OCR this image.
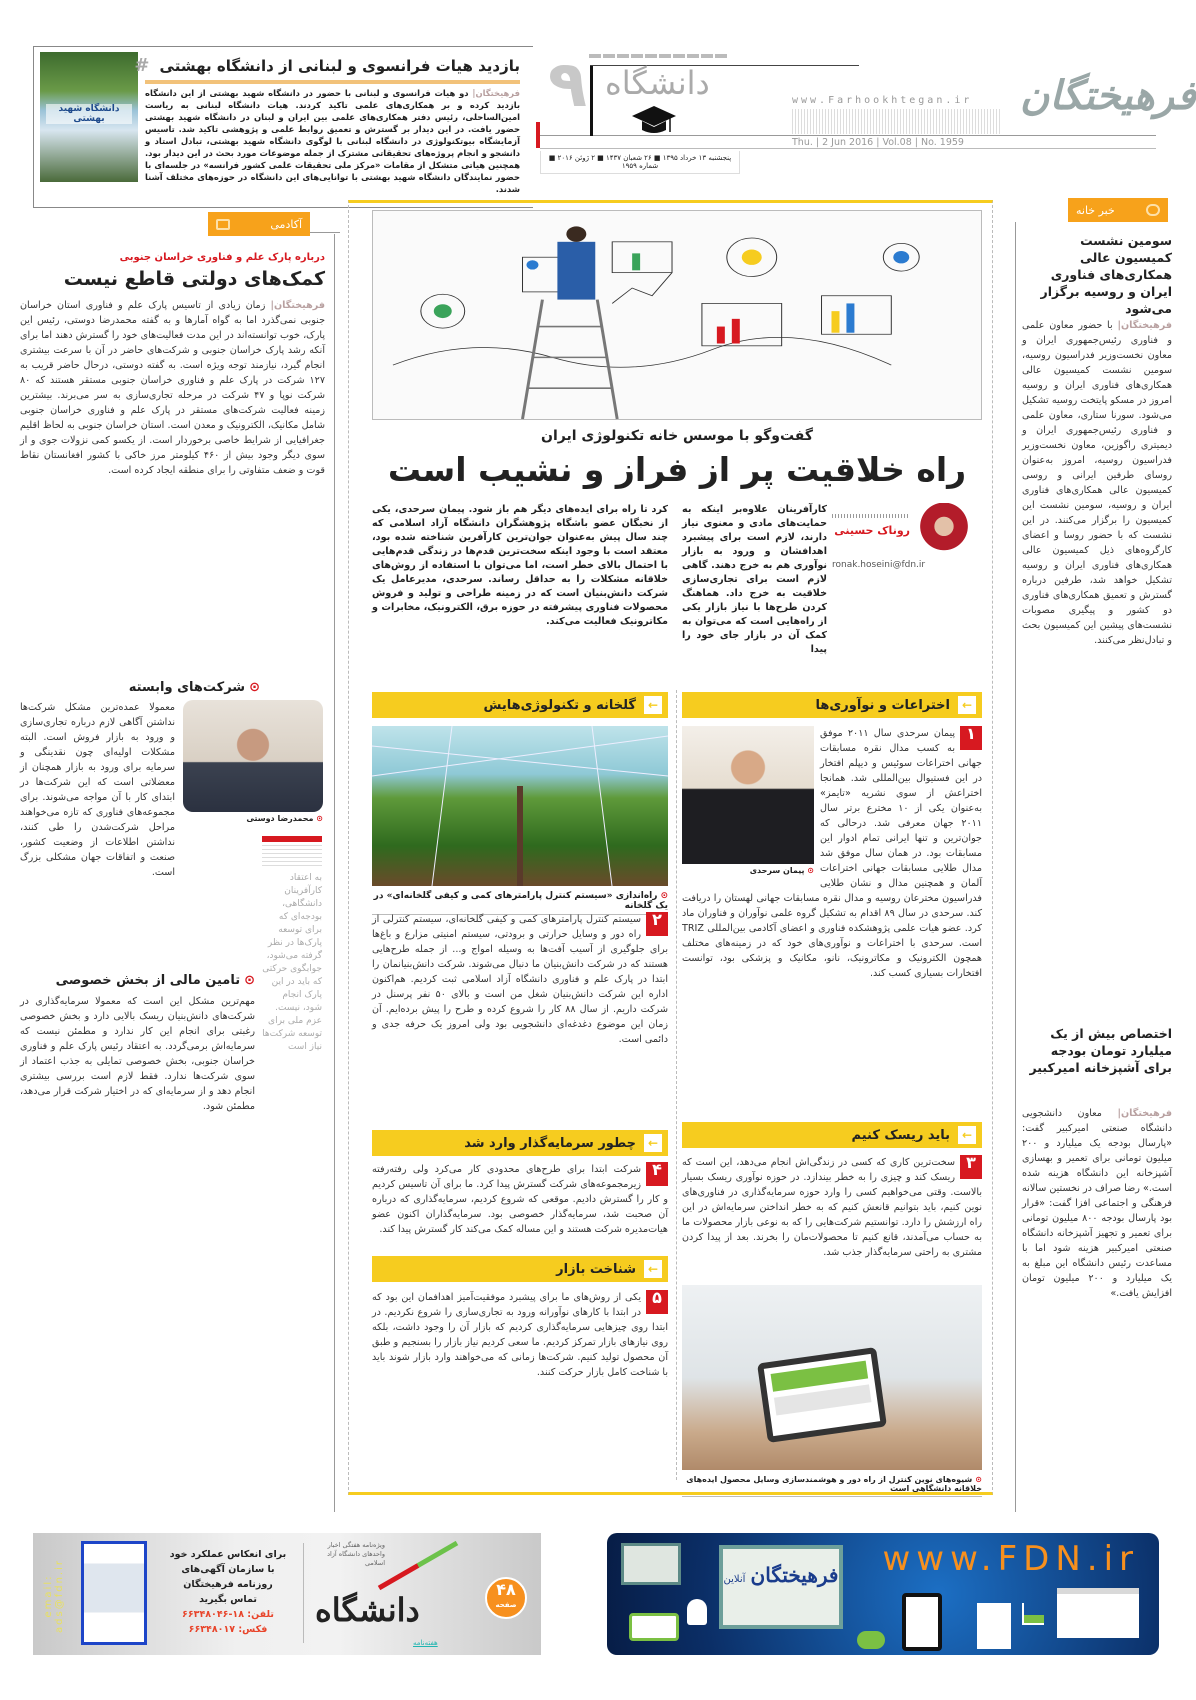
دانشگاه شهید بهشتی
بازدید هیات فرانسوی و لبنانی از دانشگاه بهشتی
#
فرهیختگان| دو هیات فرانسوی و لبنانی با حضور در دانشگاه شهید بهشتی از این دانشگاه بازدید کرده و بر همکاری‌های علمی تاکید کردند. هیات دانشگاه لبنانی به ریاست امین‌الساحلی، رئیس دفتر همکاری‌های علمی بین ایران و لبنان در دانشگاه شهید بهشتی حضور یافت. در این دیدار بر گسترش و تعمیق روابط علمی و پژوهشی تاکید شد. تاسیس آزمایشگاه بیوتکنولوژی در دانشگاه لبنانی با لوگوی دانشگاه شهید بهشتی، تبادل استاد و دانشجو و انجام پروژه‌های تحقیقاتی مشترک از جمله موضوعات مورد بحث در این دیدار بود. همچنین هیاتی متشکل از مقامات «مرکز ملی تحقیقات علمی کشور فرانسه» در جلسه‌ای با حضور نمایندگان دانشگاه شهید بهشتی با توانایی‌های این دانشگاه در حوزه‌های مختلف آشنا شدند.
۹ دانشگاه	www.Farhookhtegan.ir
Thu. | 2 Jun 2016 | Vol.08 | No. 1959
پنجشنبه ۱۳ خرداد ۱۳۹۵ ■ ۲۶ شعبان ۱۴۳۷ ■ ۲ ژوئن ۲۰۱۶ ■ شماره ۱۹۵۹
فرهیختگان
آکادمی
درباره پارک علم و فناوری خراسان جنوبی
کمک‌های دولتی قاطع نیست
فرهیختگان| زمان زیادی از تاسیس پارک علم و فناوری استان خراسان جنوبی نمی‌گذرد اما به گواه آمارها و به گفته محمدرضا دوستی، رئیس این پارک، خوب توانسته‌اند در این مدت فعالیت‌های خود را گسترش دهند اما برای آنکه رشد پارک خراسان جنوبی و شرکت‌های حاضر در آن با سرعت بیشتری انجام گیرد، نیازمند توجه ویژه است. به گفته دوستی، درحال حاضر قریب به ۱۲۷ شرکت در پارک علم و فناوری خراسان جنوبی مستقر هستند که ۸۰ شرکت نوپا و ۴۷ شرکت در مرحله تجاری‌سازی به سر می‌برند. بیشترین زمینه فعالیت شرکت‌های مستقر در پارک علم و فناوری خراسان جنوبی شامل مکانیک، الکترونیک و معدن است. استان خراسان جنوبی به لحاظ اقلیم جغرافیایی از شرایط خاصی برخوردار است. از یکسو کمی نزولات جوی و از سوی دیگر وجود بیش از ۴۶۰ کیلومتر مرز خاکی با کشور افغانستان نقاط قوت و ضعف متفاوتی را برای منطقه ایجاد کرده است.
⊙شرکت‌های وابسته
⊙ محمدرضا دوستی
معمولا عمده‌ترین مشکل شرکت‌ها نداشتن آگاهی لازم درباره تجاری‌سازی و ورود به بازار فروش است. البته مشکلات اولیه‌ای چون نقدینگی و سرمایه برای ورود به بازار همچنان از معضلاتی است که این شرکت‌ها در ابتدای کار با آن مواجه می‌شوند. برای مجموعه‌های فناوری که تازه می‌خواهند مراحل شرکت‌شدن را طی کنند، نداشتن اطلاعات از وضعیت کشور، صنعت و اتفاقات جهان مشکلی بزرگ است.	به اعتقاد کارآفرینان دانشگاهی، بودجه‌ای که برای توسعه پارک‌ها در نظر گرفته می‌شود، جوابگوی حرکتی که باید در این پارک انجام شود، نیست. عزم ملی برای توسعه شرکت‌ها نیاز است
⊙تامین مالی از بخش خصوصی
مهم‌ترین مشکل این است که معمولا سرمایه‌گذاری در شرکت‌های دانش‌بنیان ریسک بالایی دارد و بخش خصوصی رغبتی برای انجام این کار ندارد و مطمئن نیست که سرمایه‌اش برمی‌گردد. به اعتقاد رئیس پارک علم و فناوری خراسان جنوبی، بخش خصوصی تمایلی به جذب اعتماد از سوی شرکت‌ها ندارد. فقط لازم است بررسی بیشتری انجام دهد و از سرمایه‌ای که در اختیار شرکت قرار می‌دهد، مطمئن شود.
گفت‌وگو با موسس خانه تکنولوژی ایران
راه خلاقیت پر از فراز و نشیب است
روناک حسینی
ronak.hoseini@fdn.ir
کارآفرینان علاوه‌بر اینکه به حمایت‌های مادی و معنوی نیاز دارند، لازم است برای پیشبرد اهدافشان و ورود به بازار نوآوری هم به خرج دهند. گاهی لازم است برای تجاری‌سازی خلاقیت به خرج داد. هماهنگ کردن طرح‌ها با نیاز بازار یکی از راه‌هایی است که می‌توان به کمک آن در بازار جای خود را پیدا
کرد تا راه برای ایده‌های دیگر هم باز شود. پیمان سرحدی، یکی از نخبگان عضو باشگاه پژوهشگران دانشگاه آزاد اسلامی که چند سال پیش به‌عنوان جوان‌ترین کارآفرین شناخته شده بود، معتقد است با وجود اینکه سخت‌ترین قدم‌ها در زندگی قدم‌هایی با احتمال بالای خطر است، اما می‌توان با استفاده از روش‌های خلاقانه مشکلات را به حداقل رساند. سرحدی، مدیرعامل یک شرکت دانش‌بنیان است که در زمینه طراحی و تولید و فروش محصولات فناوری پیشرفته در حوزه برق، الکترونیک، مخابرات و مکاترونیک فعالیت می‌کند.
←
اختراعات و نوآوری‌ها
⊙ پیمان سرحدی
۱
پیمان سرحدی سال ۲۰۱۱ موفق به کسب مدال نقره مسابقات جهانی اختراعات سوئیس و دیپلم افتخار در این فستیوال بین‌المللی شد. همانجا اختراعش از سوی نشریه «تایمز» به‌عنوان یکی از ۱۰ مخترع برتر سال ۲۰۱۱ جهان معرفی شد. درحالی که جوان‌ترین و تنها ایرانی تمام ادوار این مسابقات بود. در همان سال موفق شد مدال طلایی مسابقات جهانی اختراعات آلمان و همچنین مدال و نشان طلایی فدراسیون مخترعان روسیه و مدال نقره مسابقات جهانی لهستان را دریافت کند. سرحدی در سال ۸۹ اقدام به تشکیل گروه علمی نوآوران و فناوران ماد کرد. عضو هیات علمی پژوهشکده فناوری و اعضای آکادمی بین‌المللی TRIZ است. سرحدی با اختراعات و نوآوری‌های خود که در زمینه‌های مختلف همچون الکترونیک و مکاترونیک، نانو، مکانیک و پزشکی بود، توانست افتخارات بسیاری کسب کند.
←
گلخانه و تکنولوژی‌هایش
⊙راه‌اندازی «سیستم کنترل پارامترهای کمی و کیفی گلخانه‌ای» در یک گلخانه
۲
سیستم کنترل پارامترهای کمی و کیفی گلخانه‌ای، سیستم کنترلی از راه دور و وسایل حرارتی و برودتی، سیستم امنیتی مزارع و باغ‌ها برای جلوگیری از آسیب آفت‌ها به وسیله امواج و... از جمله طرح‌هایی هستند که در شرکت دانش‌بنیان ما دنبال می‌شوند. شرکت دانش‌بنیانمان را ابتدا در پارک علم و فناوری دانشگاه آزاد اسلامی ثبت کردیم. هم‌اکنون اداره این شرکت دانش‌بنیان شغل من است و بالای ۵۰ نفر پرسنل در شرکت داریم. از سال ۸۸ کار را شروع کرده و طرح را پیش برده‌ایم. آن زمان این موضوع دغدغه‌ای دانشجویی بود ولی امروز یک حرفه جدی و دائمی است.
←
باید ریسک کنیم
۳
سخت‌ترین کاری که کسی در زندگی‌اش انجام می‌دهد، این است که ریسک کند و چیزی را به خطر بیندازد. در حوزه نوآوری ریسک بسیار بالاست. وقتی می‌خواهیم کسی را وارد حوزه سرمایه‌گذاری در فناوری‌های نوین کنیم، باید بتوانیم قانعش کنیم که به خطر انداختن سرمایه‌اش در این راه ارزشش را دارد. توانستیم شرکت‌هایی را که به نوعی بازار محصولات ما به حساب می‌آمدند، قانع کنیم تا محصولات‌مان را بخرند. بعد از پیدا کردن مشتری به راحتی سرمایه‌گذار جذب شد.
←
چطور سرمایه‌گذار وارد شد
۴
شرکت ابتدا برای طرح‌های محدودی کار می‌کرد ولی رفته‌رفته زیرمجموعه‌های شرکت گسترش پیدا کرد. ما برای آن تاسیس کردیم و کار را گسترش دادیم. موقعی که شروع کردیم، سرمایه‌گذاری که درباره آن صحبت شد، سرمایه‌گذار خصوصی بود. سرمایه‌گذاران اکنون عضو هیات‌مدیره شرکت هستند و این مساله کمک می‌کند کار گسترش پیدا کند.
←
شناخت بازار
۵
یکی از روش‌های ما برای پیشبرد موفقیت‌آمیز اهدافمان این بود که در ابتدا با کارهای نوآورانه ورود به تجاری‌سازی را شروع نکردیم. در ابتدا روی چیزهایی سرمایه‌گذاری کردیم که بازار آن را وجود داشت، بلکه روی نیازهای بازار تمرکز کردیم. ما سعی کردیم نیاز بازار را بسنجیم و طبق آن محصول تولید کنیم. شرکت‌ها زمانی که می‌خواهند وارد بازار شوند باید با شناخت کامل بازار حرکت کنند.
⊙شیوه‌های نوین کنترل از راه دور و هوشمندسازی وسایل محصول ایده‌های خلاقانه دانشگاهی است
خبر خانه
سومین نشست کمیسیون عالی همکاری‌های فناوری ایران و روسیه برگزار می‌شود
فرهیختگان| با حضور معاون علمی و فناوری رئیس‌جمهوری ایران و معاون نخست‌وزیر فدراسیون روسیه، سومین نشست کمیسیون عالی همکاری‌های فناوری ایران و روسیه امروز در مسکو پایتخت روسیه تشکیل می‌شود. سورنا ستاری، معاون علمی و فناوری رئیس‌جمهوری ایران و دیمیتری راگوزین، معاون نخست‌وزیر فدراسیون روسیه، امروز به‌عنوان روسای طرفین ایرانی و روسی کمیسیون عالی همکاری‌های فناوری ایران و روسیه، سومین نشست این کمیسیون را برگزار می‌کنند. در این نشست که با حضور روسا و اعضای کارگروه‌های ذیل کمیسیون عالی همکاری‌های فناوری ایران و روسیه تشکیل خواهد شد، طرفین درباره گسترش و تعمیق همکاری‌های فناوری دو کشور و پیگیری مصوبات نشست‌های پیشین این کمیسیون بحث و تبادل‌نظر می‌کنند.
اختصاص بیش از یک میلیارد تومان بودجه برای آشپزخانه امیرکبیر
فرهیختگان| معاون دانشجویی دانشگاه صنعتی امیرکبیر گفت: «پارسال بودجه یک میلیارد و ۲۰۰ میلیون تومانی برای تعمیر و بهسازی آشپزخانه این دانشگاه هزینه شده است.» رضا صراف در نخستین سالانه فرهنگی و اجتماعی افزا گفت: «قرار بود پارسال بودجه ۸۰۰ میلیون تومانی برای تعمیر و تجهیز آشپزخانه دانشگاه صنعتی امیرکبیر هزینه شود اما با مساعدت رئیس دانشگاه این مبلغ به یک میلیارد و ۲۰۰ میلیون تومان افزایش یافت.»
email: ads@fdn.ir
برای انعکاس عملکرد خود
با سازمان آگهی‌های
روزنامه فرهیختگان
تماس بگیرید
تلفن: ۱۸-۶۶۳۴۸۰۴۶
فکس: ۶۶۳۴۸۰۱۷
ویژه‌نامه هفتگی اخبار واحدهای دانشگاه آزاد اسلامی
دانشگاه
هفته‌نامه
۴۸
صفحه
www.FDN.ir
فرهیختگان آنلاین
